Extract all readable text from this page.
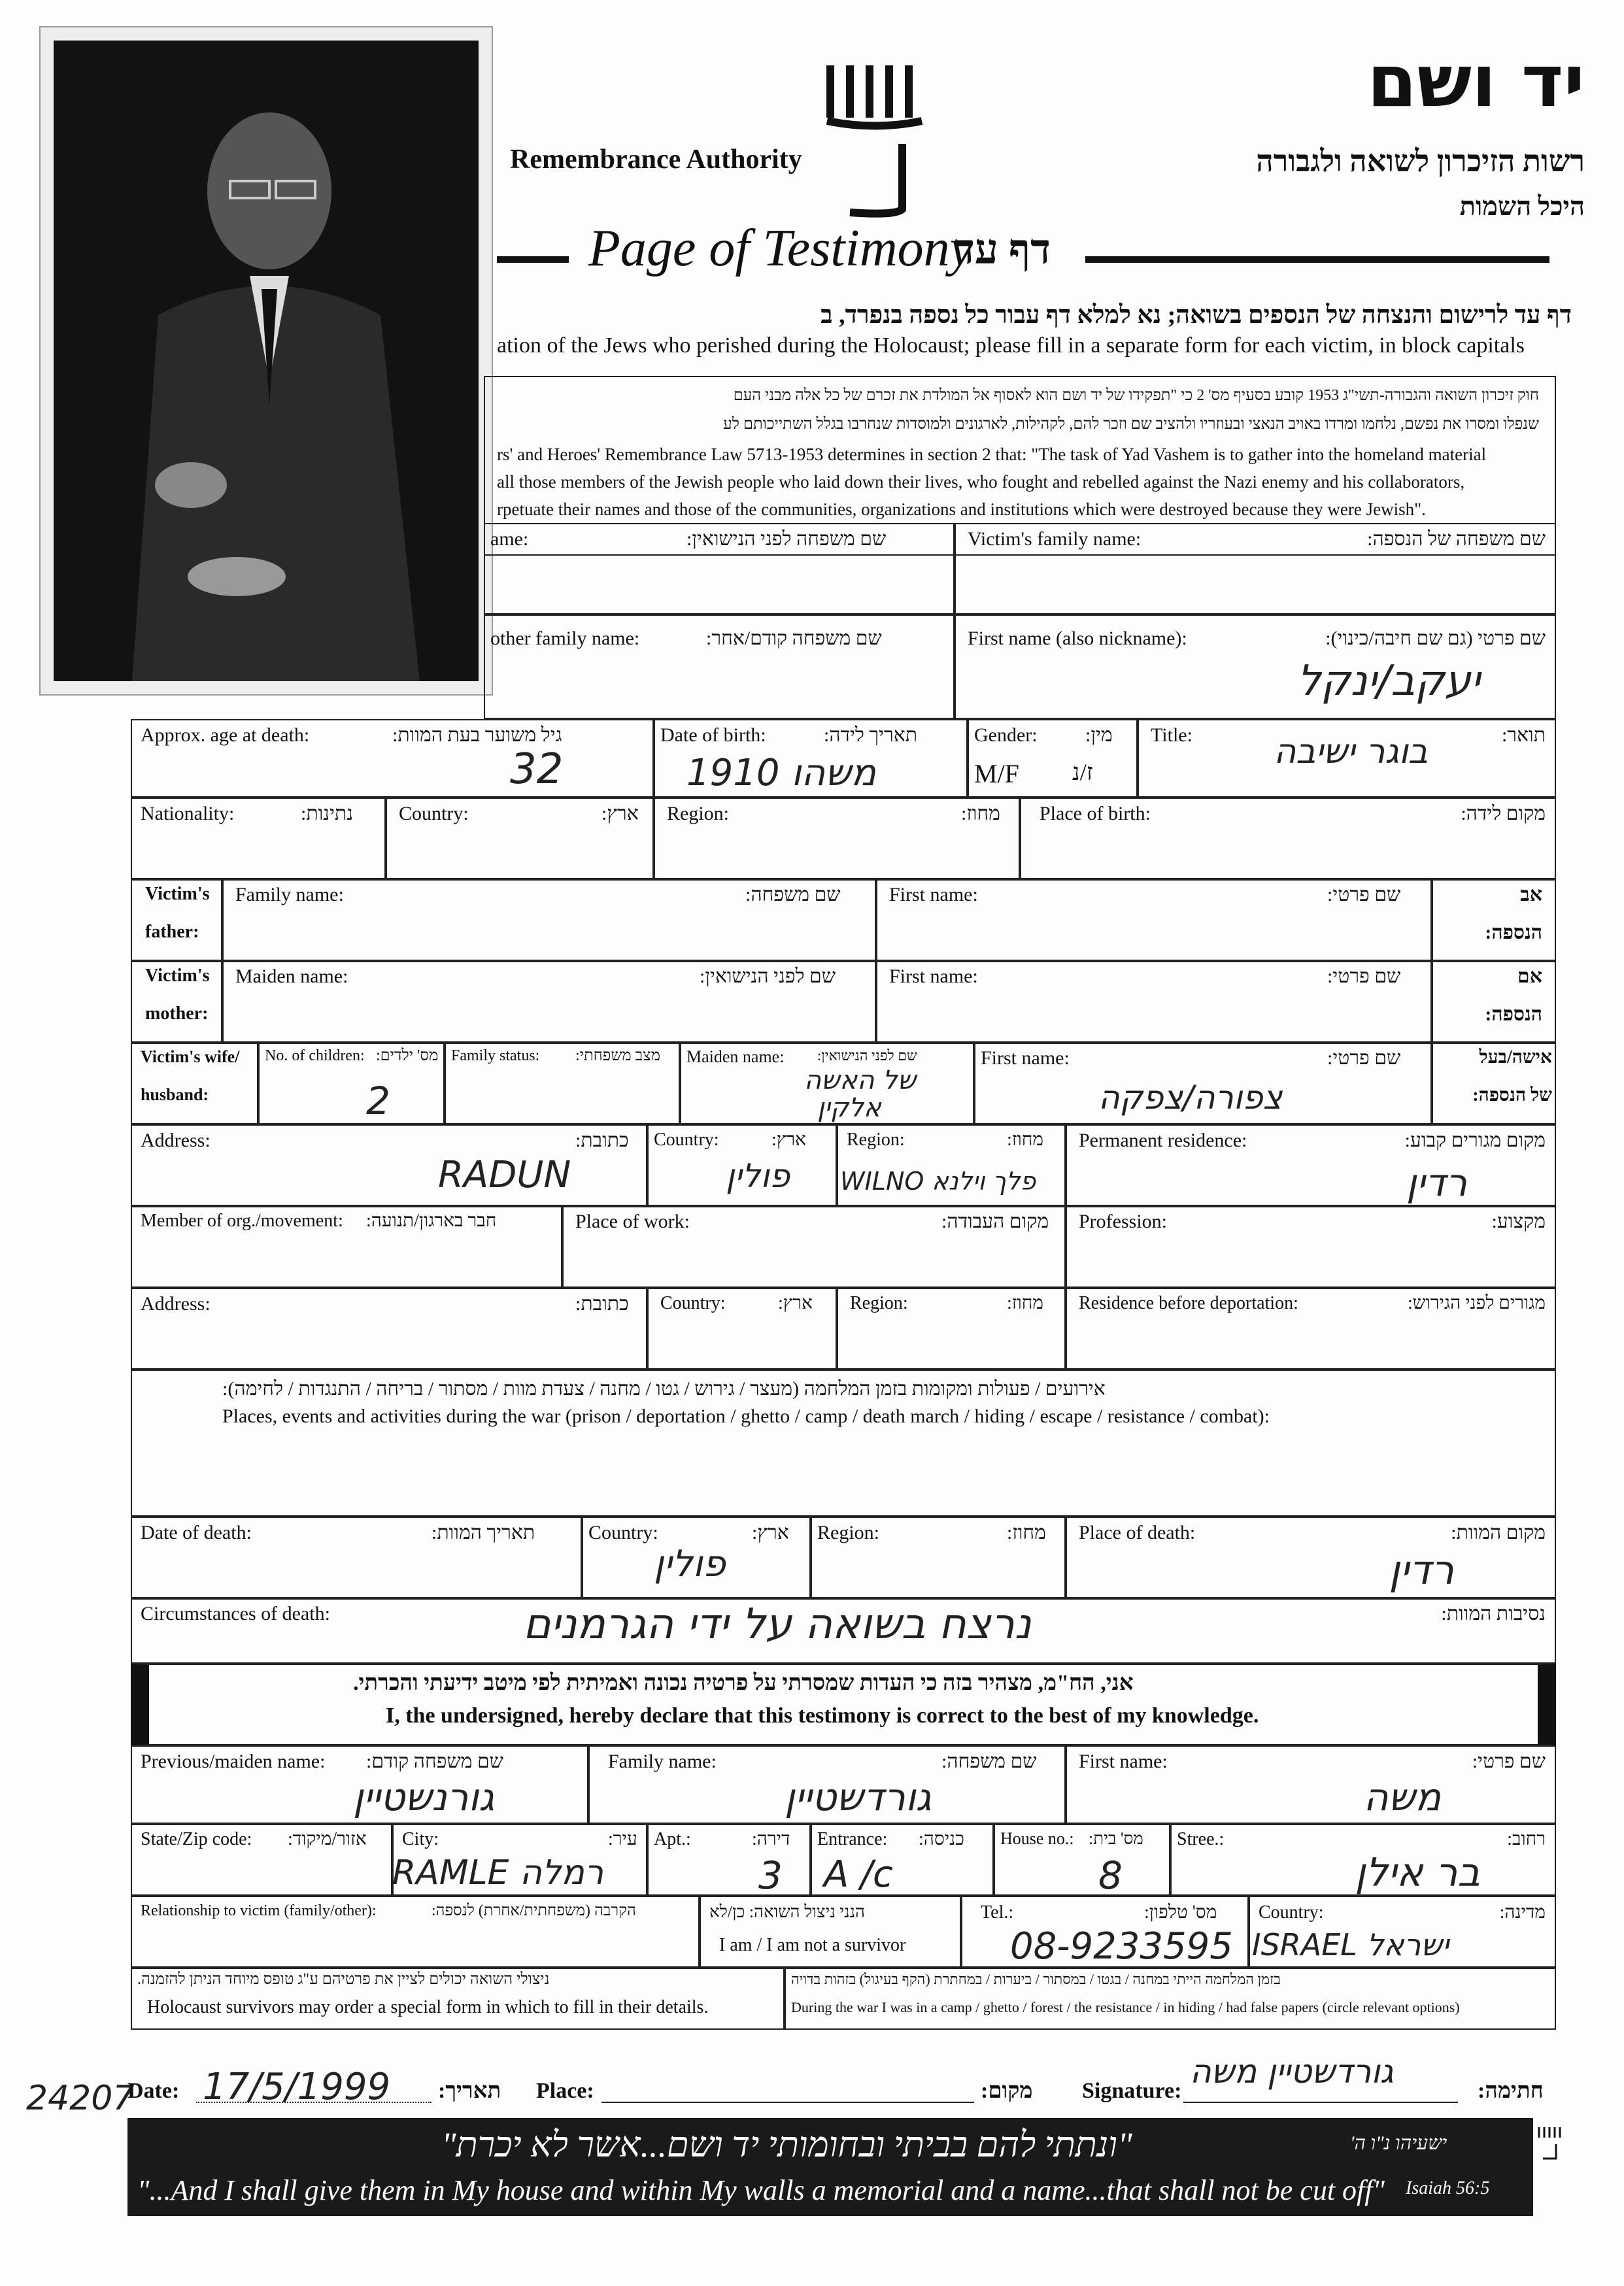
יד ושם
רשות הזיכרון לשואה ולגבורה
היכל השמות
Remembrance Authority
Page of Testimony
דף עד
דף עד לרישום והנצחה של הנספים בשואה; נא למלא דף עבור כל נספה בנפרד, ב
ation of the Jews who perished during the Holocaust; please fill in a separate form for each victim, in block capitals
חוק זיכרון השואה והגבורה-תשי"ג 1953 קובע בסעיף מס' 2 כי "תפקידו של יד ושם הוא לאסוף אל המולדת את זכרם של כל אלה מבני העם
שנפלו ומסרו את נפשם, נלחמו ומרדו באויב הנאצי ובעוזריו ולהציב שם וזכר להם, לקהילות, לארגונים ולמוסדות שנחרבו בגלל השתייכותם לע
rs' and Heroes' Remembrance Law 5713-1953 determines in section 2 that: "The task of Yad Vashem is to gather into the homeland material
all those members of the Jewish people who laid down their lives, who fought and rebelled against the Nazi enemy and his collaborators,
rpetuate their names and those of the communities, organizations and institutions which were destroyed because they were Jewish".
ame:	שם משפחה לפני הנישואין:	Victim's family name:	שם משפחה של הנספה:
other family name:	שם משפחה קודם/אחר:	First name (also nickname):	שם פרטי (גם שם חיבה/כינוי):
יעקב/ינקל
Approx. age at death:	גיל משוער בעת המוות:
32
Date of birth:	תאריך לידה:
משהו 1910
Gender: מין:
M/F ז/נ
Title:	תואר:
בוגר ישיבה
Nationality:	נתינות: Country:	ארץ: Region:	מחוז: Place of birth:	מקום לידה:
Victim's
father:
Family name:	שם משפחה: First name:	שם פרטי:	אב
הנספה:
Victim's
mother:
Maiden name:	שם לפני הנישואין:	First name:	שם פרטי:	אם
הנספה:
Victim's wife/
husband:
No. of children: מס' ילדים:
2
Family status: מצב משפחתי: Maiden name: שם לפני הנישואין:
של האשה
אלקין
First name:	שם פרטי:
צפורה/צפקה
אישה/בעל
של הנספה:
Address:	כתובת:
RADUN
Country:	ארץ:
פולין
Region:	מחוז:
WILNO פלך וילנא
Permanent residence:	מקום מגורים קבוע:
רדין
Member of org./movement: חבר בארגון/תנועה:	Place of work:	מקום העבודה: Profession:	מקצוע:
Address:	כתובת: Country:	ארץ: Region:	מחוז: Residence before deportation:	מגורים לפני הגירוש:
אירועים / פעולות ומקומות בזמן המלחמה (מעצר / גירוש / גטו / מחנה / צעדת מוות / מסתור / בריחה / התנגדות / לחימה):
Places, events and activities during the war (prison / deportation / ghetto / camp / death march / hiding / escape / resistance / combat):
Date of death:	תאריך המוות:	Country:	ארץ:
פולין
Region:	מחוז: Place of death:	מקום המוות:
רדין
Circumstances of death:	נסיבות המוות:
נרצח בשואה על ידי הגרמנים
אני, הח"מ, מצהיר בזה כי העדות שמסרתי על פרטיה נכונה ואמיתית לפי מיטב ידיעתי והכרתי.
I, the undersigned, hereby declare that this testimony is correct to the best of my knowledge.
Previous/maiden name: שם משפחה קודם:
גורנשטיין
Family name:	שם משפחה:
גורדשטיין
First name:	שם פרטי:
משה
State/Zip code: אזור/מיקוד: City:	עיר:
RAMLE רמלה
Apt.:	דירה:
3
Entrance: כניסה:
A /c
House no.: מס' בית:
8
Stree.:	רחוב:
בר אילן
Relationship to victim (family/other):	הקרבה (משפחתית/אחרת) לנספה:	הנני ניצול השואה: כן/לא
I am / I am not a survivor
Tel.:	מס' טלפון:
08-9233595
Country:	מדינה:
ISRAEL ישראל
ניצולי השואה יכולים לציין את פרטיהם ע"ג טופס מיוחד הניתן להזמנה.
Holocaust survivors may order a special form in which to fill in their details.
בזמן המלחמה הייתי במחנה / בגטו / במסתור / ביערות / במחתרת (הקף בעיגול) בזהות בדויה
During the war I was in a camp / ghetto / forest / the resistance / in hiding / had false papers (circle relevant options)
24207
Date: 17/5/1999 תאריך: Place:	מקום: Signature:
גורדשטיין משה
חתימה:
"ונתתי להם בביתי ובחומותי יד ושם...אשר לא יכרת"	ישעיהו נ"ו ה'
"...And I shall give them in My house and within My walls a memorial and a name...that shall not be cut off" Isaiah 56:5
